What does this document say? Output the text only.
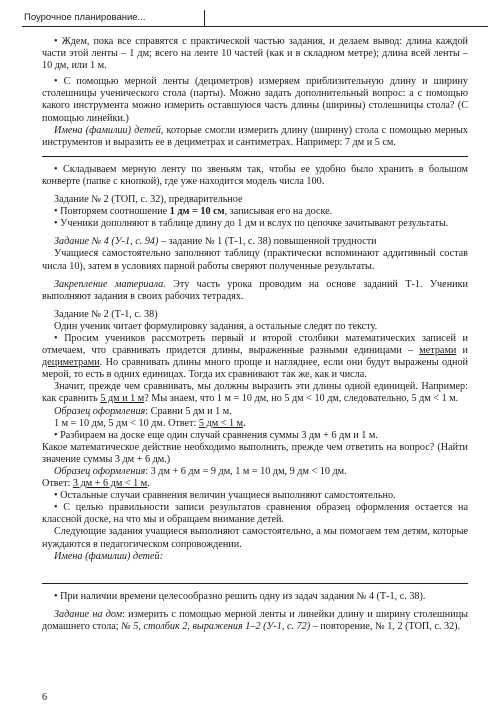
Поурочное планирование...

• Ждем, пока все справятся с практической частью задания, и делаем вывод: длина каждой части этой ленты – 1 дм; всего на ленте 10 частей (как и в складном метре); длина всей ленты – 10 дм, или 1 м.

• С помощью мерной ленты (дециметров) измеряем приблизительную длину и ширину столешницы ученического стола (парты). Можно задать дополнительный вопрос: а с помощью какого инструмента можно измерить оставшуюся часть длины (ширины) столешницы стола? (С помощью линейки.)

Имена (фамилии) детей, которые смогли измерить длину (ширину) стола с помощью мерных инструментов и выразить ее в дециметрах и сантиметрах. Например: 7 дм и 5 см.

• Складываем мерную ленту по звеньям так, чтобы ее удобно было хранить в большом конверте (папке с кнопкой), где уже находится модель числа 100.

Задание № 2 (ТОП, с. 32), предварительное

• Повторяем соотношение 1 дм = 10 см, записывая его на доске.

• Ученики дополняют в таблице длину до 1 дм и вслух по цепочке зачитывают результаты.

Задание № 4 (У-1, с. 94) – задание № 1 (Т-1, с. 38) повышенной трудности

Учащиеся самостоятельно заполняют таблицу (практически вспоминают аддитивный состав числа 10), затем в условиях парной работы сверяют полученные результаты.

Закрепление материала. Эту часть урока проводим на основе заданий Т-1. Ученики выполняют задания в своих рабочих тетрадях.

Задание № 2 (Т-1, с. 38)

Один ученик читает формулировку задания, а остальные следят по тексту.

• Просим учеников рассмотреть первый и второй столбики математических записей и отмечаем, что сравнивать придется длины, выраженные разными единицами – метрами и дециметрами. Но сравнивать длины много проще и нагляднее, если они будут выражены одной мерой, то есть в одних единицах. Тогда их сравнивают так же, как и числа.

Значит, прежде чем сравнивать, мы должны выразить эти длины одной единицей. Например: как сравнить 5 дм и 1 м? Мы знаем, что 1 м = 10 дм, но 5 дм < 10 дм, следовательно, 5 дм < 1 м.

Образец оформления: Сравни 5 дм и 1 м.

1 м = 10 дм, 5 дм < 10 дм. Ответ: 5 дм < 1 м.

• Разбираем на доске еще один случай сравнения суммы 3 дм + 6 дм и 1 м.

Какое математическое действие необходимо выполнить, прежде чем ответить на вопрос? (Найти значение суммы 3 дм + 6 дм.)

Образец оформления: 3 дм + 6 дм = 9 дм, 1 м = 10 дм, 9 дм < 10 дм.

Ответ: 3 дм + 6 дм < 1 м.

• Остальные случаи сравнения величин учащиеся выполняют самостоятельно.

• С целью правильности записи результатов сравнения образец оформления остается на классной доске, на что мы и обращаем внимание детей.

Следующие задания учащиеся выполняют самостоятельно, а мы помогаем тем детям, которые нуждаются в педагогическом сопровождении.

Имена (фамилии) детей:

• При наличии времени целесообразно решить одну из задач задания № 4 (Т-1, с. 38).

Задание на дом: измерить с помощью мерной ленты и линейки длину и ширину столешницы домашнего стола; № 5, столбик 2, выражения 1–2 (У-1, с. 72) – повторение, № 1, 2 (ТОП, с. 32).

6
